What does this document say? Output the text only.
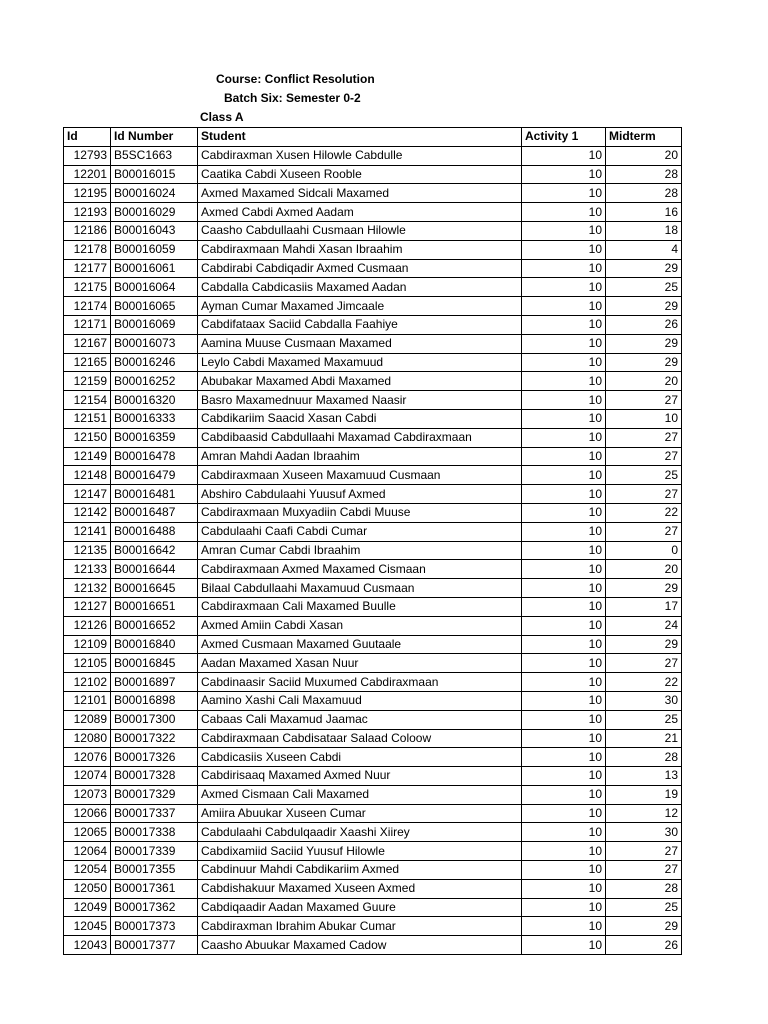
Course: Conflict Resolution
Batch Six: Semester 0-2
Class A
Id	Id Number	Student	Activity 1	Midterm
12793	B5SC1663	Cabdiraxman Xusen Hilowle Cabdulle	10	20
12201	B00016015	Caatika Cabdi Xuseen Rooble	10	28
12195	B00016024	Axmed Maxamed Sidcali Maxamed	10	28
12193	B00016029	Axmed Cabdi Axmed Aadam	10	16
12186	B00016043	Caasho Cabdullaahi Cusmaan Hilowle	10	18
12178	B00016059	Cabdiraxmaan Mahdi Xasan Ibraahim	10	4
12177	B00016061	Cabdirabi Cabdiqadir Axmed Cusmaan	10	29
12175	B00016064	Cabdalla Cabdicasiis Maxamed Aadan	10	25
12174	B00016065	Ayman Cumar Maxamed Jimcaale	10	29
12171	B00016069	Cabdifataax Saciid Cabdalla Faahiye	10	26
12167	B00016073	Aamina Muuse Cusmaan Maxamed	10	29
12165	B00016246	Leylo Cabdi Maxamed Maxamuud	10	29
12159	B00016252	Abubakar Maxamed Abdi Maxamed	10	20
12154	B00016320	Basro Maxamednuur Maxamed Naasir	10	27
12151	B00016333	Cabdikariim Saacid Xasan Cabdi	10	10
12150	B00016359	Cabdibaasid Cabdullaahi Maxamad Cabdiraxmaan	10	27
12149	B00016478	Amran Mahdi Aadan Ibraahim	10	27
12148	B00016479	Cabdiraxmaan Xuseen Maxamuud Cusmaan	10	25
12147	B00016481	Abshiro Cabdulaahi Yuusuf Axmed	10	27
12142	B00016487	Cabdiraxmaan Muxyadiin Cabdi Muuse	10	22
12141	B00016488	Cabdulaahi Caafi Cabdi Cumar	10	27
12135	B00016642	Amran Cumar Cabdi Ibraahim	10	0
12133	B00016644	Cabdiraxmaan Axmed Maxamed Cismaan	10	20
12132	B00016645	Bilaal Cabdullaahi Maxamuud Cusmaan	10	29
12127	B00016651	Cabdiraxmaan Cali Maxamed Buulle	10	17
12126	B00016652	Axmed Amiin Cabdi Xasan	10	24
12109	B00016840	Axmed Cusmaan Maxamed Guutaale	10	29
12105	B00016845	Aadan Maxamed Xasan Nuur	10	27
12102	B00016897	Cabdinaasir Saciid Muxumed Cabdiraxmaan	10	22
12101	B00016898	Aamino Xashi Cali Maxamuud	10	30
12089	B00017300	Cabaas Cali Maxamud Jaamac	10	25
12080	B00017322	Cabdiraxmaan Cabdisataar Salaad Coloow	10	21
12076	B00017326	Cabdicasiis Xuseen Cabdi	10	28
12074	B00017328	Cabdirisaaq Maxamed Axmed Nuur	10	13
12073	B00017329	Axmed Cismaan Cali Maxamed	10	19
12066	B00017337	Amiira Abuukar Xuseen Cumar	10	12
12065	B00017338	Cabdulaahi Cabdulqaadir Xaashi Xiirey	10	30
12064	B00017339	Cabdixamiid Saciid Yuusuf Hilowle	10	27
12054	B00017355	Cabdinuur Mahdi Cabdikariim Axmed	10	27
12050	B00017361	Cabdishakuur Maxamed Xuseen Axmed	10	28
12049	B00017362	Cabdiqaadir Aadan Maxamed Guure	10	25
12045	B00017373	Cabdiraxman Ibrahim Abukar Cumar	10	29
12043	B00017377	Caasho Abuukar Maxamed Cadow	10	26
